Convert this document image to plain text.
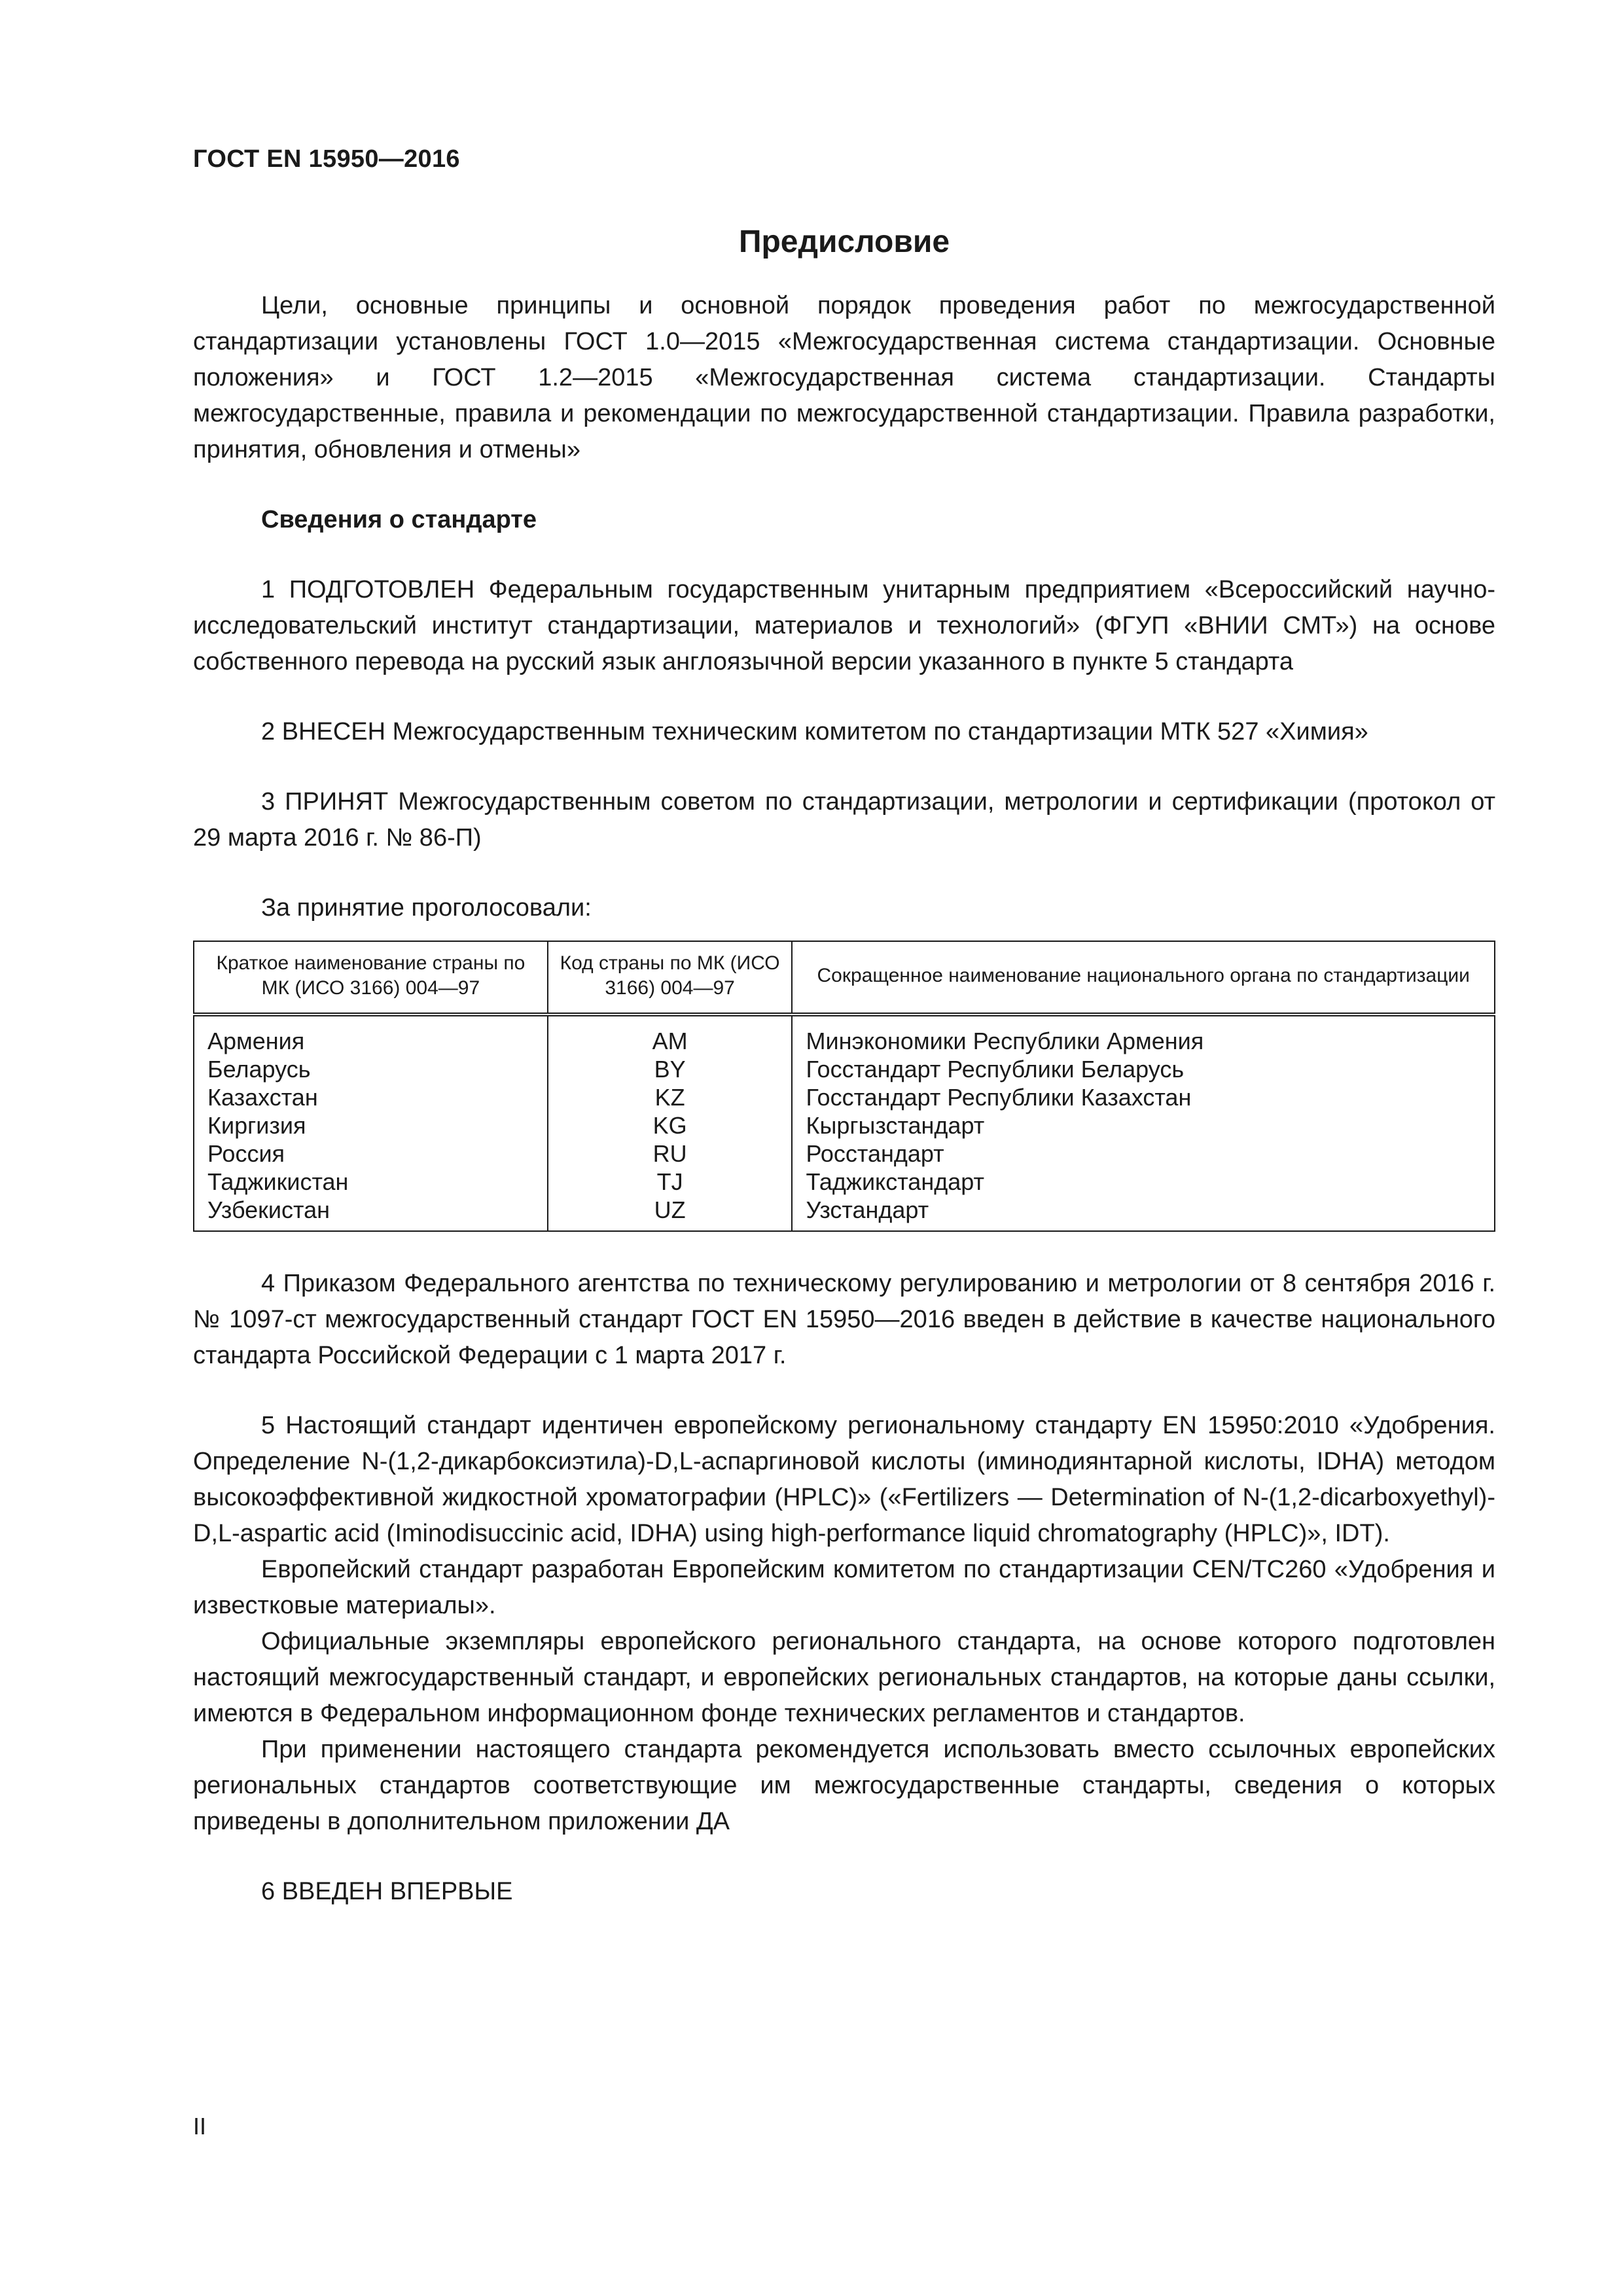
ГОСТ EN 15950—2016
Предисловие

Цели, основные принципы и основной порядок проведения работ по межгосударственной стандартизации установлены ГОСТ 1.0—2015 «Межгосударственная система стандартизации. Основные положения» и ГОСТ 1.2—2015 «Межгосударственная система стандартизации. Стандарты межгосударственные, правила и рекомендации по межгосударственной стандартизации. Правила разработки, принятия, обновления и отмены»

Сведения о стандарте

1 ПОДГОТОВЛЕН Федеральным государственным унитарным предприятием «Всероссийский научно-исследовательский институт стандартизации, материалов и технологий» (ФГУП «ВНИИ СМТ») на основе собственного перевода на русский язык англоязычной версии указанного в пункте 5 стандарта

2 ВНЕСЕН Межгосударственным техническим комитетом по стандартизации МТК 527 «Химия»

3 ПРИНЯТ Межгосударственным советом по стандартизации, метрологии и сертификации (протокол от 29 марта 2016 г. № 86-П)

За принятие проголосовали:

Краткое наименование страны по МК (ИСО 3166) 004—97	Код страны по МК (ИСО 3166) 004—97	Сокращенное наименование национального органа по стандартизации
Армения	AM	Минэкономики Республики Армения
Беларусь	BY	Госстандарт Республики Беларусь
Казахстан	KZ	Госстандарт Республики Казахстан
Киргизия	KG	Кыргызстандарт
Россия	RU	Росстандарт
Таджикистан	TJ	Таджикстандарт
Узбекистан	UZ	Узстандарт

4 Приказом Федерального агентства по техническому регулированию и метрологии от 8 сентября 2016 г. № 1097-ст межгосударственный стандарт ГОСТ EN 15950—2016 введен в действие в качестве национального стандарта Российской Федерации с 1 марта 2017 г.

5 Настоящий стандарт идентичен европейскому региональному стандарту EN 15950:2010 «Удобрения. Определение N-(1,2-дикарбоксиэтила)-D,L-аспаргиновой кислоты (иминодиянтарной кислоты, IDHA) методом высокоэффективной жидкостной хроматографии (HPLC)» («Fertilizers — Determination of N-(1,2-dicarboxyethyl)-D,L-aspartic acid (Iminodisuccinic acid, IDHA) using high-performance liquid chromatography (HPLC)», IDT).

Европейский стандарт разработан Европейским комитетом по стандартизации CEN/TC260 «Удобрения и известковые материалы».

Официальные экземпляры европейского регионального стандарта, на основе которого подготовлен настоящий межгосударственный стандарт, и европейских региональных стандартов, на которые даны ссылки, имеются в Федеральном информационном фонде технических регламентов и стандартов.

При применении настоящего стандарта рекомендуется использовать вместо ссылочных европейских региональных стандартов соответствующие им межгосударственные стандарты, сведения о которых приведены в дополнительном приложении ДА

6 ВВЕДЕН ВПЕРВЫЕ

II
